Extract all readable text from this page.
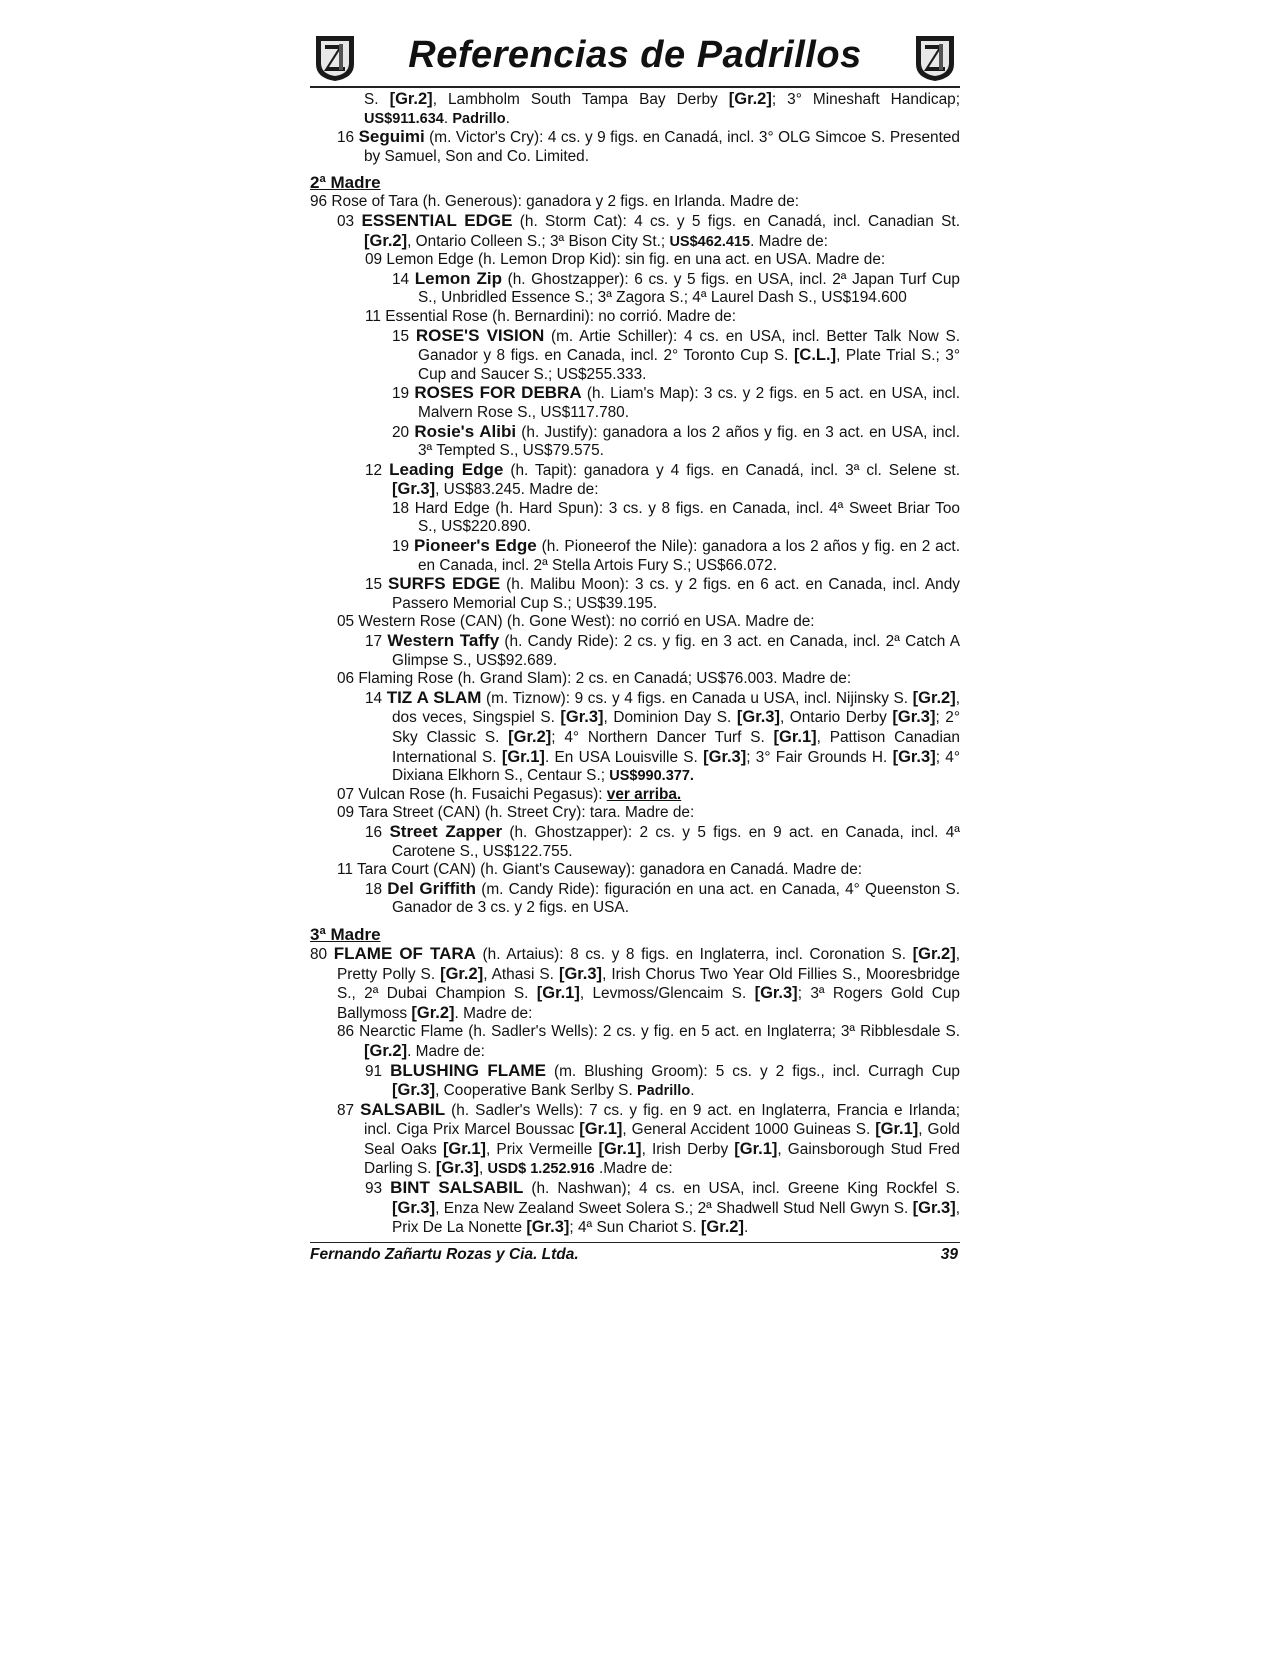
Referencias de Padrillos

S. [Gr.2], Lambholm South Tampa Bay Derby [Gr.2]; 3° Mineshaft Handicap; US$911.634. Padrillo.

16 Seguimi (m. Victor's Cry): 4 cs. y 9 figs. en Canadá, incl. 3° OLG Simcoe S. Presented by Samuel, Son and Co. Limited.

2ª Madre

96 Rose of Tara (h. Generous): ganadora y 2 figs. en Irlanda. Madre de:

03 ESSENTIAL EDGE (h. Storm Cat): 4 cs. y 5 figs. en Canadá, incl. Canadian St. [Gr.2], Ontario Colleen S.; 3ª Bison City St.; US$462.415. Madre de:

09 Lemon Edge (h. Lemon Drop Kid): sin fig. en una act. en USA. Madre de:

14 Lemon Zip (h. Ghostzapper): 6 cs. y 5 figs. en USA, incl. 2ª Japan Turf Cup S., Unbridled Essence S.; 3ª Zagora S.; 4ª Laurel Dash S., US$194.600

11 Essential Rose (h. Bernardini): no corrió. Madre de:

15 ROSE'S VISION (m. Artie Schiller): 4 cs. en USA, incl. Better Talk Now S. Ganador y 8 figs. en Canada, incl. 2° Toronto Cup S. [C.L.], Plate Trial S.; 3° Cup and Saucer S.; US$255.333.

19 ROSES FOR DEBRA (h. Liam's Map): 3 cs. y 2 figs. en 5 act. en USA, incl. Malvern Rose S., US$117.780.

20 Rosie's Alibi (h. Justify): ganadora a los 2 años y fig. en 3 act. en USA, incl. 3ª Tempted S., US$79.575.

12 Leading Edge (h. Tapit): ganadora y 4 figs. en Canadá, incl. 3ª cl. Selene st. [Gr.3], US$83.245. Madre de:

18 Hard Edge (h. Hard Spun): 3 cs. y 8 figs. en Canada, incl. 4ª Sweet Briar Too S., US$220.890.

19 Pioneer's Edge (h. Pioneerof the Nile): ganadora a los 2 años y fig. en 2 act. en Canada, incl. 2ª Stella Artois Fury S.; US$66.072.

15 SURFS EDGE (h. Malibu Moon): 3 cs. y 2 figs. en 6 act. en Canada, incl. Andy Passero Memorial Cup S.; US$39.195.

05 Western Rose (CAN) (h. Gone West): no corrió en USA. Madre de:

17 Western Taffy (h. Candy Ride): 2 cs. y fig. en 3 act. en Canada, incl. 2ª Catch A Glimpse S., US$92.689.

06 Flaming Rose (h. Grand Slam): 2 cs. en Canadá; US$76.003. Madre de:

14 TIZ A SLAM (m. Tiznow): 9 cs. y 4 figs. en Canada u USA, incl. Nijinsky S. [Gr.2], dos veces, Singspiel S. [Gr.3], Dominion Day S. [Gr.3], Ontario Derby [Gr.3]; 2° Sky Classic S. [Gr.2]; 4° Northern Dancer Turf S. [Gr.1], Pattison Canadian International S. [Gr.1]. En USA Louisville S. [Gr.3]; 3° Fair Grounds H. [Gr.3]; 4° Dixiana Elkhorn S., Centaur S.; US$990.377.

07 Vulcan Rose (h. Fusaichi Pegasus): ver arriba.

09 Tara Street (CAN) (h. Street Cry): tara. Madre de:

16 Street Zapper (h. Ghostzapper): 2 cs. y 5 figs. en 9 act. en Canada, incl. 4ª Carotene S., US$122.755.

11 Tara Court (CAN) (h. Giant's Causeway): ganadora en Canadá. Madre de:

18 Del Griffith (m. Candy Ride): figuración en una act. en Canada, 4° Queenston S. Ganador de 3 cs. y 2 figs. en USA.

3ª Madre

80 FLAME OF TARA (h. Artaius): 8 cs. y 8 figs. en Inglaterra, incl. Coronation S. [Gr.2], Pretty Polly S. [Gr.2], Athasi S. [Gr.3], Irish Chorus Two Year Old Fillies S., Mooresbridge S., 2ª Dubai Champion S. [Gr.1], Levmoss/Glencaim S. [Gr.3]; 3ª Rogers Gold Cup Ballymoss [Gr.2]. Madre de:

86 Nearctic Flame (h. Sadler's Wells): 2 cs. y fig. en 5 act. en Inglaterra; 3ª Ribblesdale S. [Gr.2]. Madre de:

91 BLUSHING FLAME (m. Blushing Groom): 5 cs. y 2 figs., incl. Curragh Cup [Gr.3], Cooperative Bank Serlby S. Padrillo.

87 SALSABIL (h. Sadler's Wells): 7 cs. y fig. en 9 act. en Inglaterra, Francia e Irlanda; incl. Ciga Prix Marcel Boussac [Gr.1], General Accident 1000 Guineas S. [Gr.1], Gold Seal Oaks [Gr.1], Prix Vermeille [Gr.1], Irish Derby [Gr.1], Gainsborough Stud Fred Darling S. [Gr.3], USD$ 1.252.916 .Madre de:

93 BINT SALSABIL (h. Nashwan); 4 cs. en USA, incl. Greene King Rockfel S. [Gr.3], Enza New Zealand Sweet Solera S.; 2ª Shadwell Stud Nell Gwyn S. [Gr.3], Prix De La Nonette [Gr.3]; 4ª Sun Chariot S. [Gr.2].

Fernando Zañartu Rozas y Cia. Ltda.	39
